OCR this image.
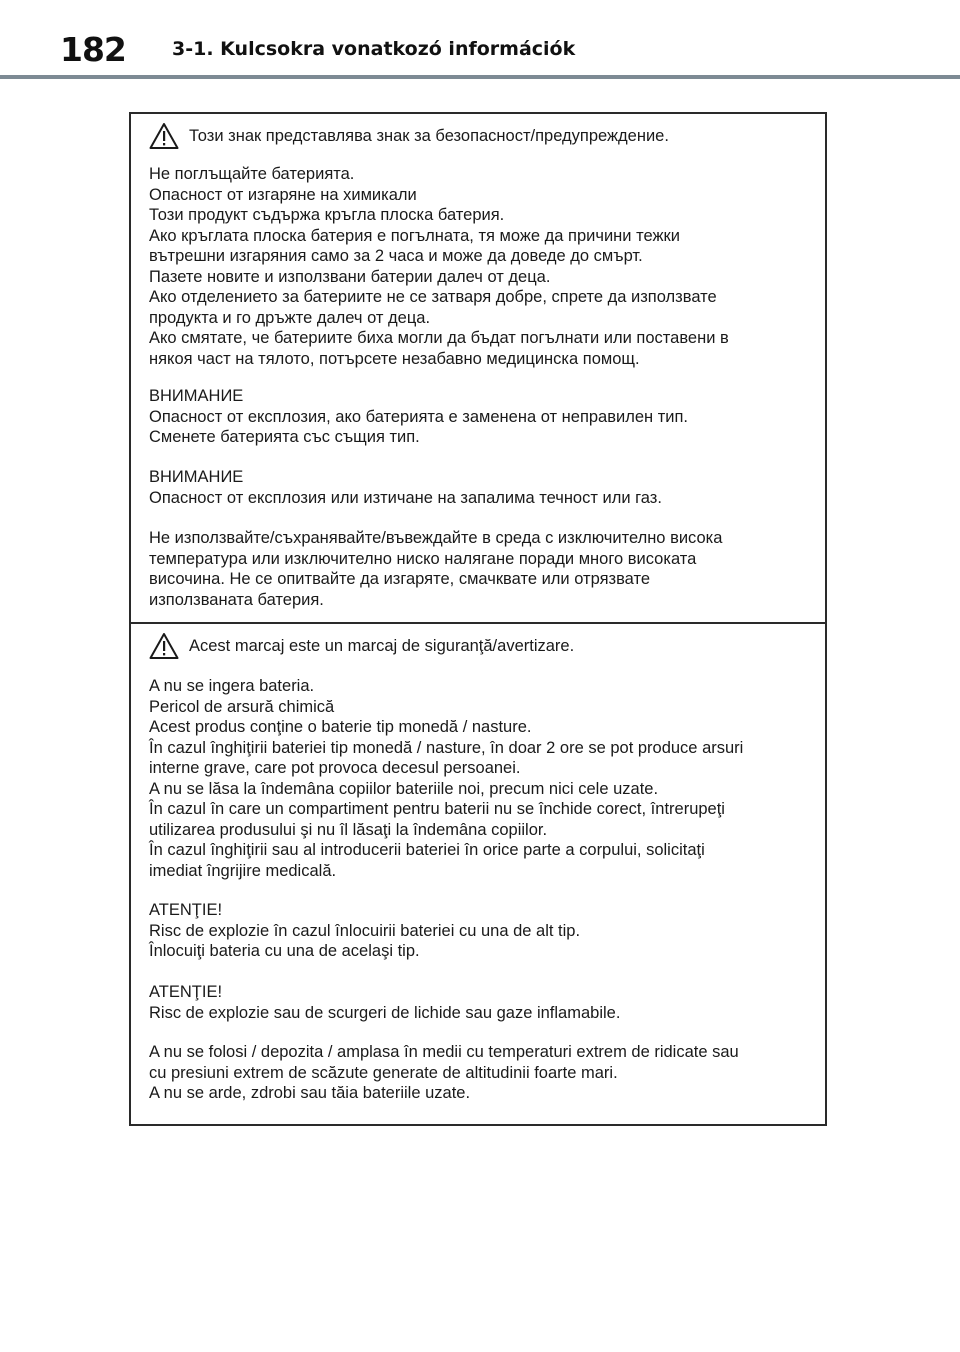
182 3-1. Kulcsokra vonatkozó információk
Този знак представлява знак за безопасност/предупреждение.

Не поглъщайте батерията.
Опасност от изгаряне на химикали
Този продукт съдържа кръгла плоска батерия.
Ако кръглата плоска батерия е погълната, тя може да причини тежки
вътрешни изгаряния само за 2 часа и може да доведе до смърт.
Пазете новите и използвани батерии далеч от деца.
Ако отделението за батериите не се затваря добре, спрете да използвате
продукта и го дръжте далеч от деца.
Ако смятате, че батериите биха могли да бъдат погълнати или поставени в
някоя част на тялото, потърсете незабавно медицинска помощ.

ВНИМАНИЕ
Опасност от експлозия, ако батерията е заменена от неправилен тип.
Сменете батерията със същия тип.

ВНИМАНИЕ
Опасност от експлозия или изтичане на запалима течност или газ.

Не използвайте/съхранявайте/въвеждайте в среда с изключително висока
температура или изключително ниско налягане поради много високата
височина. Не се опитвайте да изгаряте, смачквате или отрязвате
използваната батерия.

Acest marcaj este un marcaj de siguranţă/avertizare.

A nu se ingera bateria.
Pericol de arsură chimică
Acest produs conţine o baterie tip monedă / nasture.
În cazul înghiţirii bateriei tip monedă / nasture, în doar 2 ore se pot produce arsuri
interne grave, care pot provoca decesul persoanei.
A nu se lăsa la îndemâna copiilor bateriile noi, precum nici cele uzate.
În cazul în care un compartiment pentru baterii nu se închide corect, întrerupeţi
utilizarea produsului şi nu îl lăsaţi la îndemâna copiilor.
În cazul înghiţirii sau al introducerii bateriei în orice parte a corpului, solicitaţi
imediat îngrijire medicală.

ATENŢIE!
Risc de explozie în cazul înlocuirii bateriei cu una de alt tip.
Înlocuiţi bateria cu una de acelaşi tip.

ATENŢIE!
Risc de explozie sau de scurgeri de lichide sau gaze inflamabile.

A nu se folosi / depozita / amplasa în medii cu temperaturi extrem de ridicate sau
cu presiuni extrem de scăzute generate de altitudinii foarte mari.
A nu se arde, zdrobi sau tăia bateriile uzate.
